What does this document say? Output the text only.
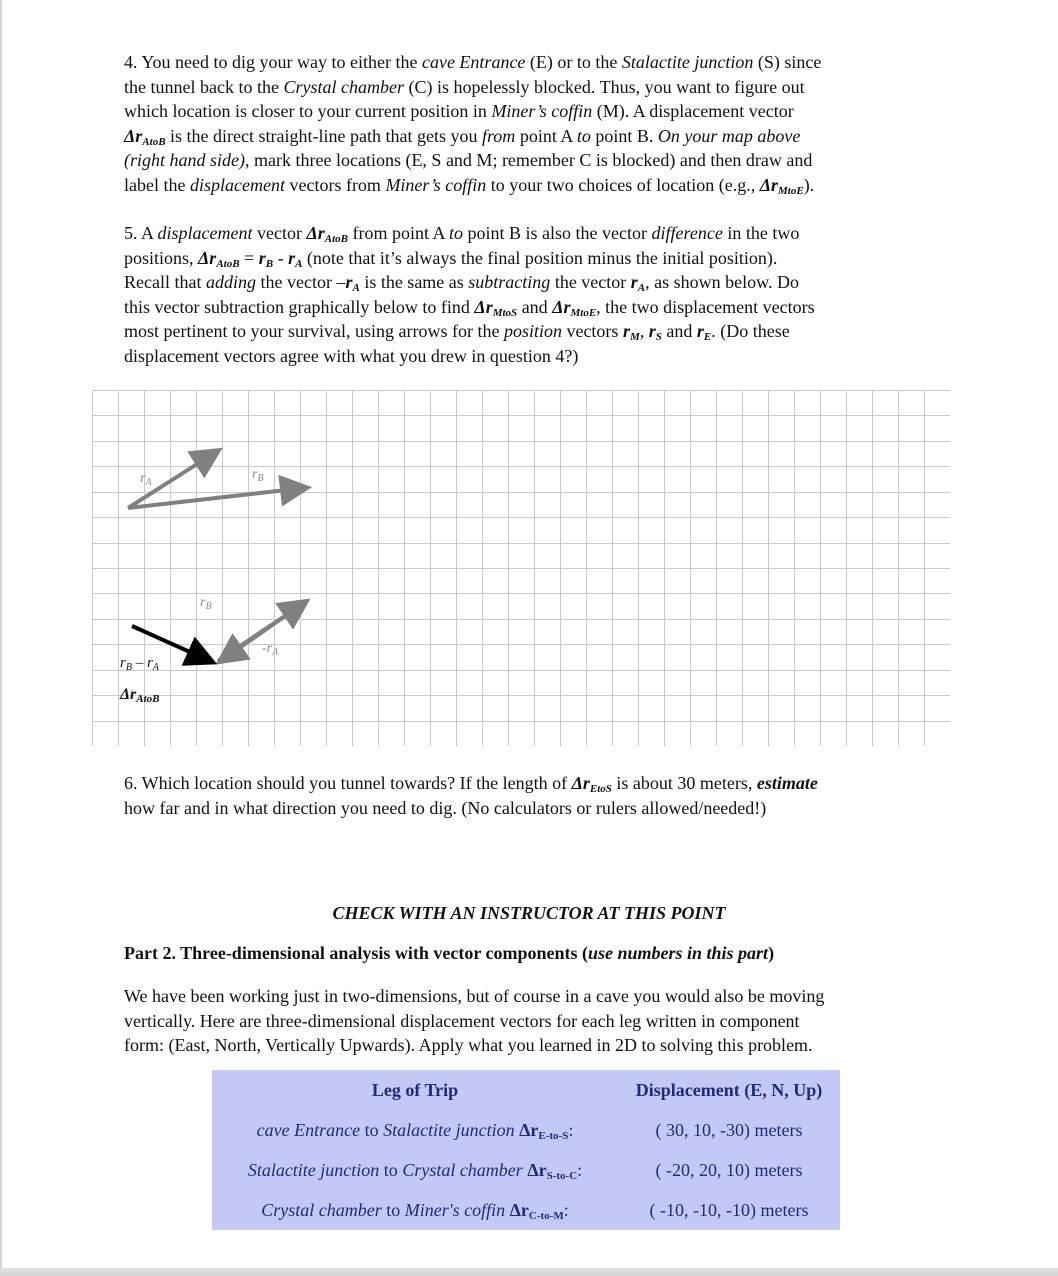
4. You need to dig your way to either the cave Entrance (E) or to the Stalactite junction (S) since
the tunnel back to the Crystal chamber (C) is hopelessly blocked. Thus, you want to figure out
which location is closer to your current position in Miner’s coffin (M). A displacement vector
$\Delta r_{AtoB}$ is the direct straight-line path that gets you from point A to point B. On your map above
(right hand side), mark three locations (E, S and M; remember C is blocked) and then draw and
label the displacement vectors from Miner’s coffin to your two choices of location (e.g., $\Delta r_{MtoE}$).
5. A displacement vector $\Delta r_{AtoB}$ from point A to point B is also the vector difference in the two
positions, $\Delta r_{AtoB} = r_B - r_A$ (note that it’s always the final position minus the initial position).
Recall that adding the vector $-r_A$ is the same as subtracting the vector $r_A$, as shown below. Do
this vector subtraction graphically below to find $\Delta r_{MtoS}$ and $\Delta r_{MtoE}$, the two displacement vectors
most pertinent to your survival, using arrows for the position vectors $r_M$, $r_S$ and $r_E$. (Do these
displacement vectors agree with what you drew in question 4?)
$r_A$
$r_B$
$r_B$
$-r_A$
$r_B - r_A$
ΔrAtoB
6. Which location should you tunnel towards? If the length of $\Delta r_{EtoS}$ is about 30 meters, estimate
how far and in what direction you need to dig. (No calculators or rulers allowed/needed!)
CHECK WITH AN INSTRUCTOR AT THIS POINT
Part 2. Three-dimensional analysis with vector components (use numbers in this part)
We have been working just in two-dimensions, but of course in a cave you would also be moving
vertically. Here are three-dimensional displacement vectors for each leg written in component
form: (East, North, Vertically Upwards). Apply what you learned in 2D to solving this problem.
Leg of Trip	Displacement (E, N, Up)
cave Entrance to Stalactite junction $\Delta r_{E-to-S}$:	( 30, 10, -30) meters
Stalactite junction to Crystal chamber $\Delta r_{S-to-C}$:	( -20, 20, 10) meters
Crystal chamber to Miner's coffin $\Delta r_{C-to-M}$:	( -10, -10, -10) meters
